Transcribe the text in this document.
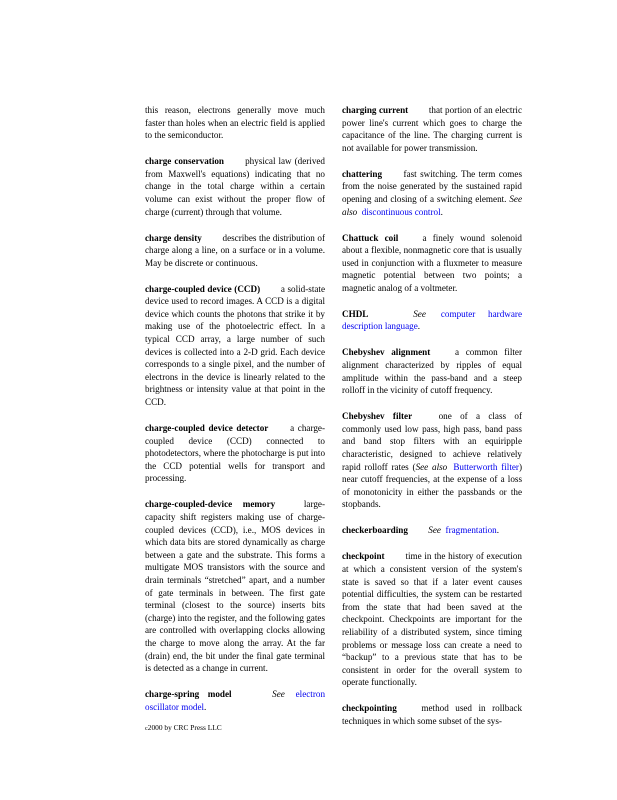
this reason, electrons generally move much faster than holes when an electric field is applied to the semiconductor.

charge conservation physical law (derived from Maxwell's equations) indicating that no change in the total charge within a certain volume can exist without the proper flow of charge (current) through that volume.

charge density describes the distribution of charge along a line, on a surface or in a volume. May be discrete or continuous.

charge-coupled device (CCD) a solid-state device used to record images. A CCD is a digital device which counts the photons that strike it by making use of the photoelectric effect. In a typical CCD array, a large number of such devices is collected into a 2-D grid. Each device corresponds to a single pixel, and the number of electrons in the device is linearly related to the brightness or intensity value at that point in the CCD.

charge-coupled device detector a charge-coupled device (CCD) connected to photodetectors, where the photocharge is put into the CCD potential wells for transport and processing.

charge-coupled-device memory	large-capacity shift registers making use of charge-coupled devices (CCD), i.e., MOS devices in which data bits are stored dynamically as charge between a gate and the substrate. This forms a multigate MOS transistors with the source and drain terminals “stretched” apart, and a number of gate terminals in between. The first gate terminal (closest to the source) inserts bits (charge) into the register, and the following gates are controlled with overlapping clocks allowing the charge to move along the array. At the far (drain) end, the bit under the final gate terminal is detected as a change in current.

charge-spring model	See electron oscillator model.

charging current that portion of an electric power line's current which goes to charge the capacitance of the line. The charging current is not available for power transmission.

chattering fast switching. The term comes from the noise generated by the sustained rapid opening and closing of a switching element. See also discontinuous control.

Chattuck coil	a finely wound solenoid about a flexible, nonmagnetic core that is usually used in conjunction with a fluxmeter to measure magnetic potential between two points; a magnetic analog of a voltmeter.

CHDL	See computer hardware description language.

Chebyshev alignment	a common filter alignment characterized by ripples of equal amplitude within the pass-band and a steep rolloff in the vicinity of cutoff frequency.

Chebyshev filter	one of a class of commonly used low pass, high pass, band pass and band stop filters with an equiripple characteristic, designed to achieve relatively rapid rolloff rates (See also Butterworth filter) near cutoff frequencies, at the expense of a loss of monotonicity in either the passbands or the stopbands.

checkerboarding See fragmentation.

checkpoint time in the history of execution at which a consistent version of the system's state is saved so that if a later event causes potential difficulties, the system can be restarted from the state that had been saved at the checkpoint. Checkpoints are important for the reliability of a distributed system, since timing problems or message loss can create a need to “backup” to a previous state that has to be consistent in order for the overall system to operate functionally.

checkpointing	method used in rollback techniques in which some subset of the sys-

c2000 by CRC Press LLC
